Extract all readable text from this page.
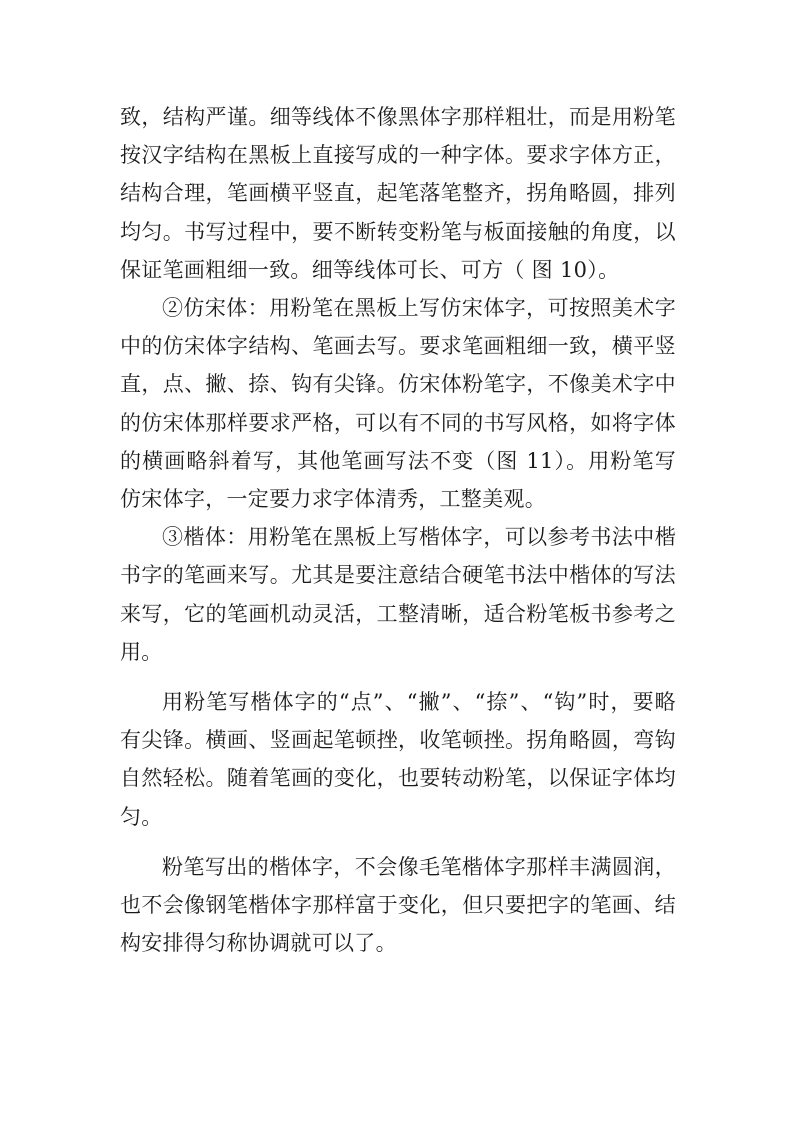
致，结构严谨。细等线体不像黑体字那样粗壮，而是用粉笔按汉字结构在黑板上直接写成的一种字体。要求字体方正，结构合理，笔画横平竖直，起笔落笔整齐，拐角略圆，排列均匀。书写过程中，要不断转变粉笔与板面接触的角度，以保证笔画粗细一致。细等线体可长、可方（ 图 10）。

②仿宋体：用粉笔在黑板上写仿宋体字，可按照美术字中的仿宋体字结构、笔画去写。要求笔画粗细一致，横平竖直，点、撇、捺、钩有尖锋。仿宋体粉笔字，不像美术字中的仿宋体那样要求严格，可以有不同的书写风格，如将字体的横画略斜着写，其他笔画写法不变（图 11）。用粉笔写仿宋体字，一定要力求字体清秀，工整美观。

③楷体：用粉笔在黑板上写楷体字，可以参考书法中楷书字的笔画来写。尤其是要注意结合硬笔书法中楷体的写法来写，它的笔画机动灵活，工整清晰，适合粉笔板书参考之用。

用粉笔写楷体字的“点”、“撇”、“捺”、“钩”时，要略有尖锋。横画、竖画起笔顿挫，收笔顿挫。拐角略圆，弯钩自然轻松。随着笔画的变化，也要转动粉笔，以保证字体均匀。

粉笔写出的楷体字，不会像毛笔楷体字那样丰满圆润，也不会像钢笔楷体字那样富于变化，但只要把字的笔画、结构安排得匀称协调就可以了。
